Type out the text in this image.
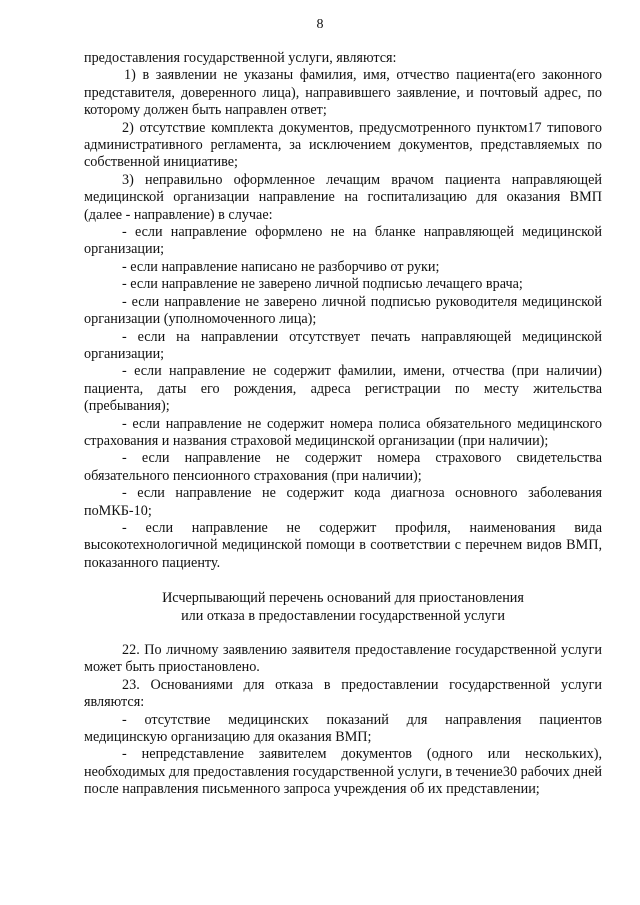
8

предоставления государственной услуги, являются:

1) в заявлении не указаны фамилия, имя, отчество пациента(его законного представителя, доверенного лица), направившего заявление, и почтовый адрес, по которому должен быть направлен ответ;

2) отсутствие комплекта документов, предусмотренного пунктом17 типового административного регламента, за исключением документов, представляемых по собственной инициативе;

3) неправильно оформленное лечащим врачом пациента направляющей медицинской организации направление на госпитализацию для оказания ВМП (далее - направление) в случае:

- если направление оформлено не на бланке направляющей медицинской организации;

- если направление написано не разборчиво от руки;

- если направление не заверено личной подписью лечащего врача;

- если направление не заверено личной подписью руководителя медицинской организации (уполномоченного лица);

- если на направлении отсутствует печать направляющей медицинской организации;

- если направление не содержит фамилии, имени, отчества (при наличии) пациента, даты его рождения, адреса регистрации по месту жительства (пребывания);

- если направление не содержит номера полиса обязательного медицинского страхования и названия страховой медицинской организации (при наличии);

- если направление не содержит номера страхового свидетельства обязательного пенсионного страхования (при наличии);

- если направление не содержит кода диагноза основного заболевания поМКБ-10;

- если направление не содержит профиля, наименования вида высокотехнологичной медицинской помощи в соответствии с перечнем видов ВМП, показанного пациенту.

Исчерпывающий перечень оснований для приостановления
или отказа в предоставлении государственной услуги

22. По личному заявлению заявителя предоставление государственной услуги может быть приостановлено.

23. Основаниями для отказа в предоставлении государственной услуги являются:

- отсутствие медицинских показаний для направления пациентов медицинскую организацию для оказания ВМП;

- непредставление заявителем документов (одного или нескольких), необходимых для предоставления государственной услуги, в течение30 рабочих дней после направления письменного запроса учреждения об их представлении;
